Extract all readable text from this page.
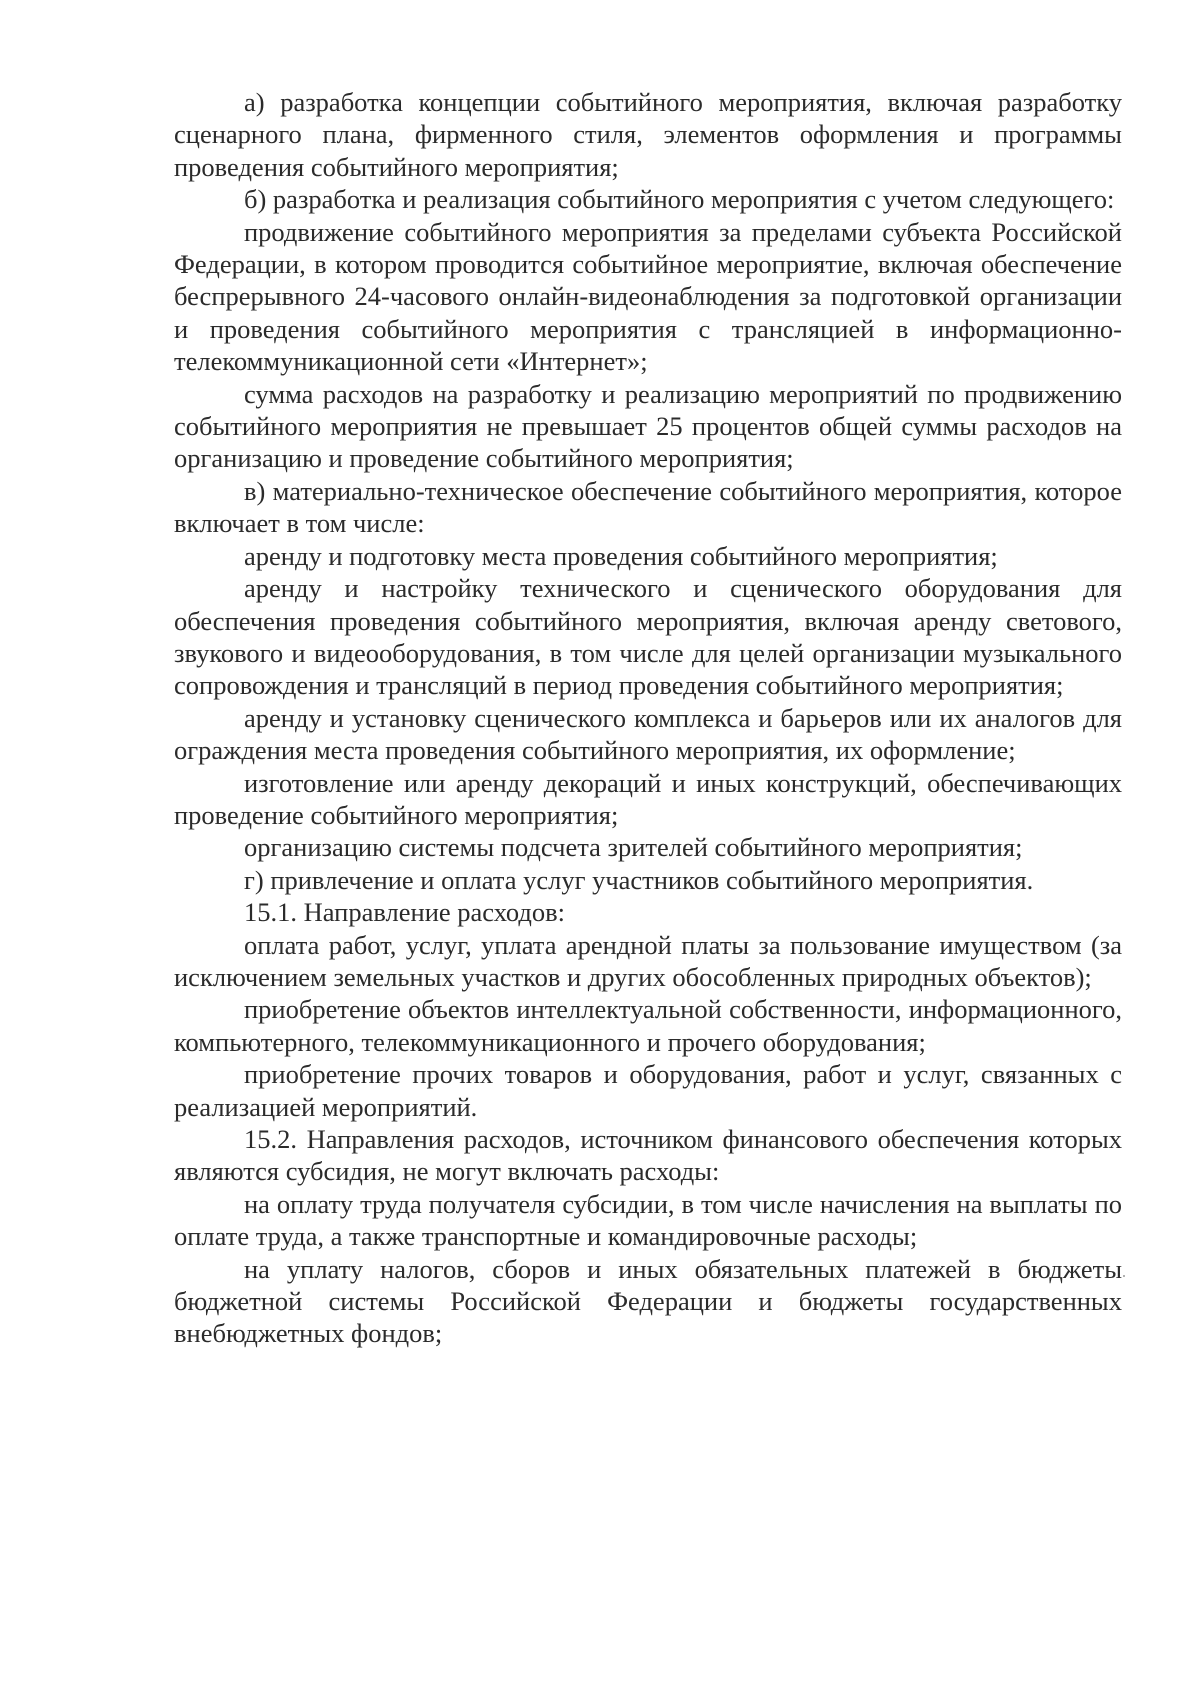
а) разработка концепции событийного мероприятия, включая разработку сценарного плана, фирменного стиля, элементов оформления и программы проведения событийного мероприятия;

б) разработка и реализация событийного мероприятия с учетом следующего:

продвижение событийного мероприятия за пределами субъекта Российской Федерации, в котором проводится событийное мероприятие, включая обеспечение беспрерывного 24-часового онлайн-видеонаблюдения за подготовкой организации и проведения событийного мероприятия с трансляцией в информационно-телекоммуникационной сети «Интернет»;

сумма расходов на разработку и реализацию мероприятий по продвижению событийного мероприятия не превышает 25 процентов общей суммы расходов на организацию и проведение событийного мероприятия;

в) материально-техническое обеспечение событийного мероприятия, которое включает в том числе:

аренду и подготовку места проведения событийного мероприятия;

аренду и настройку технического и сценического оборудования для обеспечения проведения событийного мероприятия, включая аренду светового, звукового и видеооборудования, в том числе для целей организации музыкального сопровождения и трансляций в период проведения событийного мероприятия;

аренду и установку сценического комплекса и барьеров или их аналогов для ограждения места проведения событийного мероприятия, их оформление;

изготовление или аренду декораций и иных конструкций, обеспечивающих проведение событийного мероприятия;

организацию системы подсчета зрителей событийного мероприятия;

г) привлечение и оплата услуг участников событийного мероприятия.

15.1. Направление расходов:

оплата работ, услуг, уплата арендной платы за пользование имуществом (за исключением земельных участков и других обособленных природных объектов);

приобретение объектов интеллектуальной собственности, информационного, компьютерного, телекоммуникационного и прочего оборудования;

приобретение прочих товаров и оборудования, работ и услуг, связанных с реализацией мероприятий.

15.2. Направления расходов, источником финансового обеспечения которых являются субсидия, не могут включать расходы:

на оплату труда получателя субсидии, в том числе начисления на выплаты по оплате труда, а также транспортные и командировочные расходы;

на уплату налогов, сборов и иных обязательных платежей в бюджеты бюджетной системы Российской Федерации и бюджеты государственных внебюджетных фондов;
